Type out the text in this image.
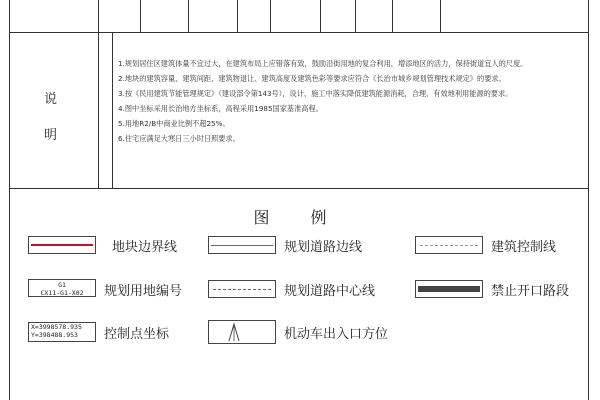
说
明
1.规划居住区建筑体量不宜过大，在建筑布局上应错落有致，鼓励沿街用地的复合利用，增添地区的活力，保持街道宜人的尺度。
2.地块的建筑容量、建筑间距、建筑物退让、建筑高度及建筑色彩等要求应符合《长治市城乡规划管理技术规定》的要求。
3.按《民用建筑节能管理规定》（建设部令第143号），设计、施工中落实降低建筑能源消耗，合理、有效地利用能源的要求。
4.图中坐标采用长治地方坐标系，高程采用1985国家基准高程。
5.用地R2/B中商业比例不超25%。
6.住宅应满足大寒日三小时日照要求。
图 例
地块边界线	规划道路边线	建筑控制线
G1
CX11-G1-X02	规划用地编号	规划道路中心线	禁止开口路段
X=3998578.935
Y=398488.953	控制点坐标	机动车出入口方位
